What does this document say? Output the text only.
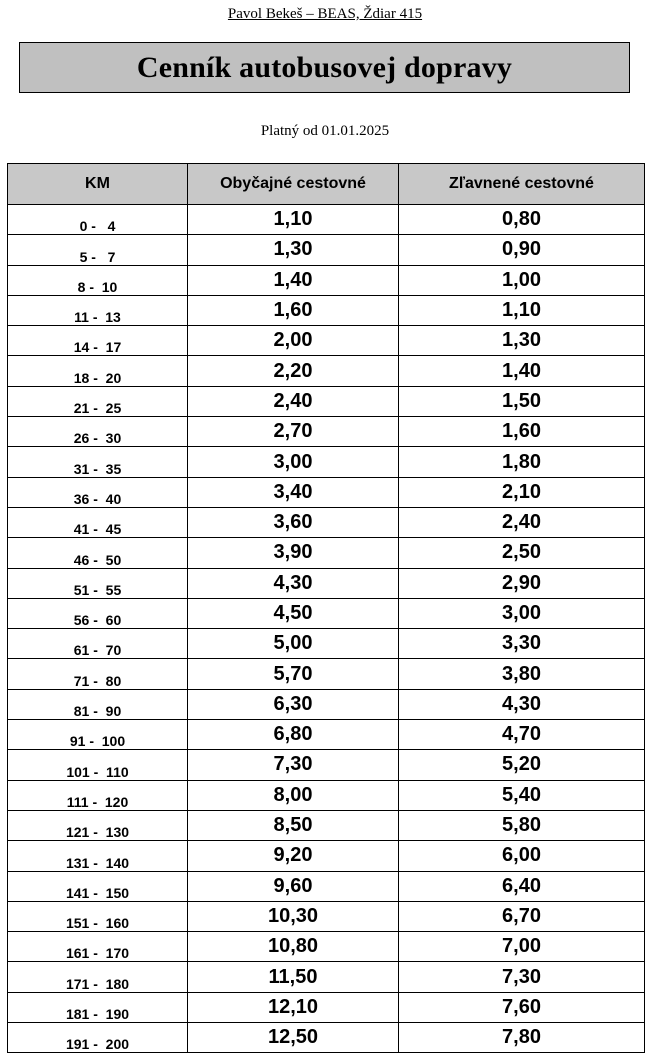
Pavol Bekeš – BEAS, Ždiar 415
Cenník autobusovej dopravy
Platný od 01.01.2025
KM	Obyčajné cestovné	Zľavnené cestovné
0 -   4	1,10	0,80
5 -   7	1,30	0,90
8 -  10	1,40	1,00
11 -  13	1,60	1,10
14 -  17	2,00	1,30
18 -  20	2,20	1,40
21 -  25	2,40	1,50
26 -  30	2,70	1,60
31 -  35	3,00	1,80
36 -  40	3,40	2,10
41 -  45	3,60	2,40
46 -  50	3,90	2,50
51 -  55	4,30	2,90
56 -  60	4,50	3,00
61 -  70	5,00	3,30
71 -  80	5,70	3,80
81 -  90	6,30	4,30
91 -  100	6,80	4,70
101 -  110	7,30	5,20
111 -  120	8,00	5,40
121 -  130	8,50	5,80
131 -  140	9,20	6,00
141 -  150	9,60	6,40
151 -  160	10,30	6,70
161 -  170	10,80	7,00
171 -  180	11,50	7,30
181 -  190	12,10	7,60
191 -  200	12,50	7,80
